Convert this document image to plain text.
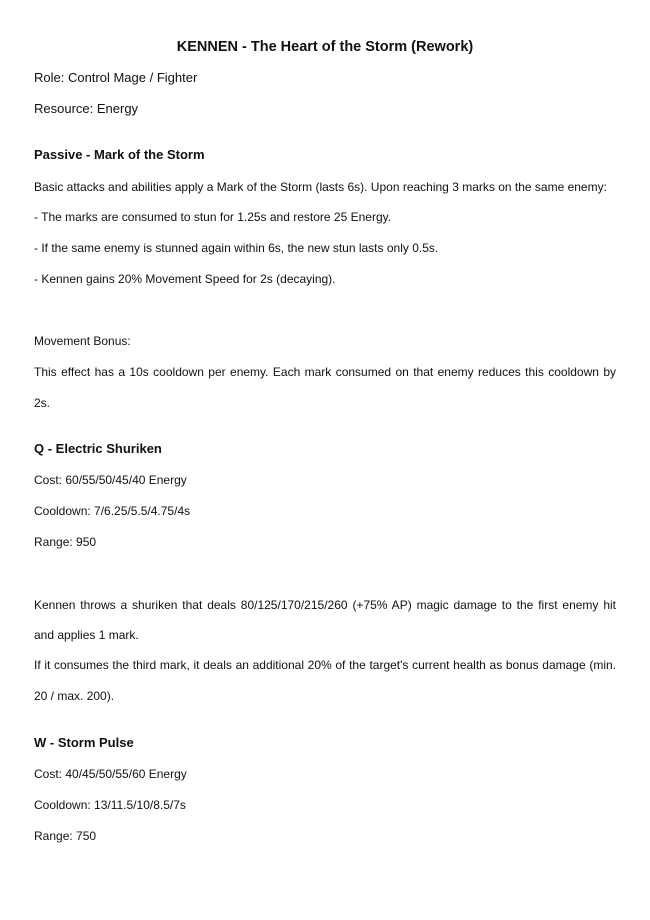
KENNEN - The Heart of the Storm (Rework)
Role: Control Mage / Fighter
Resource: Energy
Passive - Mark of the Storm
Basic attacks and abilities apply a Mark of the Storm (lasts 6s). Upon reaching 3 marks on the same enemy:
- The marks are consumed to stun for 1.25s and restore 25 Energy.
- If the same enemy is stunned again within 6s, the new stun lasts only 0.5s.
- Kennen gains 20% Movement Speed for 2s (decaying).
Movement Bonus:
This effect has a 10s cooldown per enemy. Each mark consumed on that enemy reduces this cooldown by
2s.
Q - Electric Shuriken
Cost: 60/55/50/45/40 Energy
Cooldown: 7/6.25/5.5/4.75/4s
Range: 950
Kennen throws a shuriken that deals 80/125/170/215/260 (+75% AP) magic damage to the first enemy hit
and applies 1 mark.
If it consumes the third mark, it deals an additional 20% of the target's current health as bonus damage (min.
20 / max. 200).
W - Storm Pulse
Cost: 40/45/50/55/60 Energy
Cooldown: 13/11.5/10/8.5/7s
Range: 750
